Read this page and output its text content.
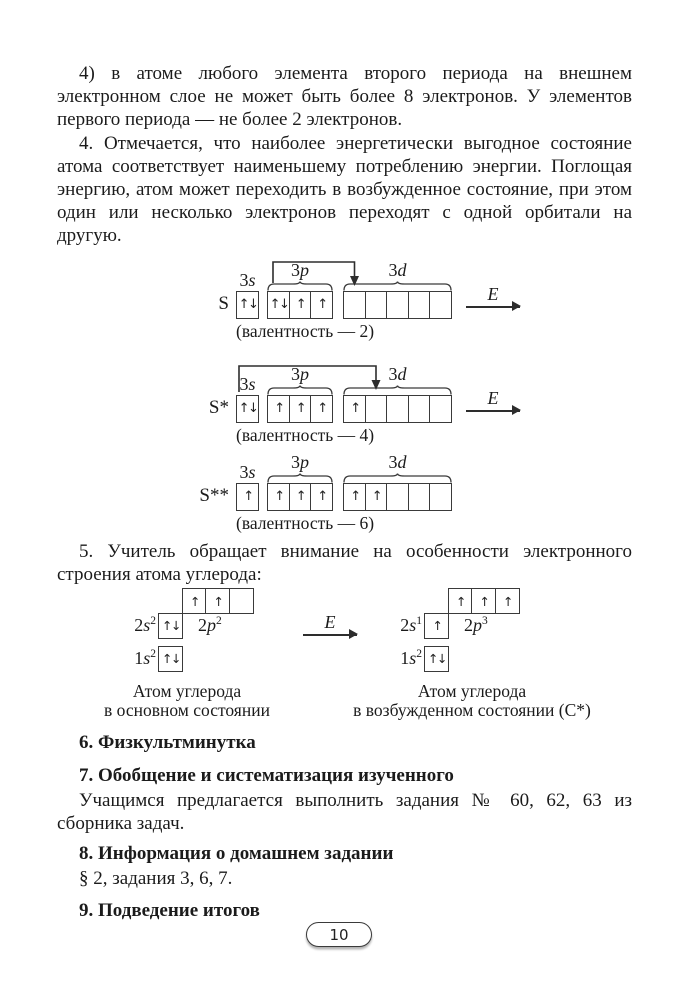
4) в атоме любого элемента второго периода на внешнем электронном слое не может быть более 8 электронов. У элементов первого периода — не более 2 электронов.

4. Отмечается, что наиболее энергетически выгодное состояние атома соответствует наименьшему потреблению энергии. Поглощая энергию, атом может переходить в возбужденное состояние, при этом один или несколько электронов переходят с одной орбитали на другую.

S
3s
↑↓
3p
↑↓ ↑ ↑
3d
E
(валентность — 2)
S*
3s
↑↓
3p
↑ ↑ ↑
3d
↑
E
(валентность — 4)
S**
3s
↑
3p
↑ ↑ ↑
3d
↑ ↑
(валентность — 6)

5. Учитель обращает внимание на особенности электронного строения атома углерода:

↑	↑
$2s^2$ ↑↓ $2p^2$
$1s^2$ ↑↓
Атом углерода
в основном состоянии
E
↑	↑	↑
$2s^1$ ↑	$2p^3$
$1s^2$ ↑↓
Атом углерода
в возбужденном состоянии (С*)
6. Физкультминутка
7. Обобщение и систематизация изученного

Учащимся предлагается выполнить задания № 60, 62, 63 из сборника задач.

8. Информация о домашнем задании

§ 2, задания 3, 6, 7.

9. Подведение итогов
10
